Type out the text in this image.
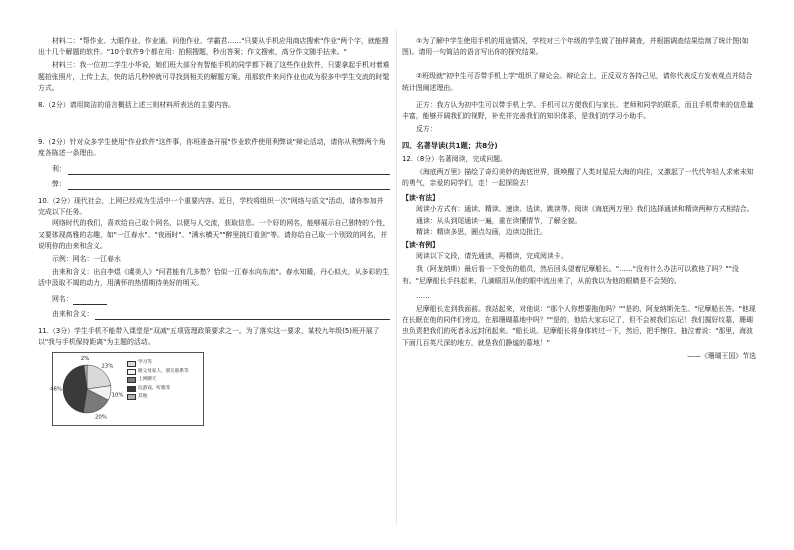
材料二："帮作业、大眼作业、作业通、问他作业、学霸君……"只要从手机应用商店搜索"作业"两个字，就能搜出十几个解题的软件。"10个软件9个都在用：拍照搜题，秒出答案；作文搜索，高分作文随手拈来。"

材料三：我一位初二学生小华说，她们班大部分有智能手机的同学都下载了这些作业软件，只要拿起手机对着难题拍张照片，上传上去，快的话几秒钟就可寻找到相关的解题方案。用那软件来问作业也成为很多中学生交流的时髦方式。

8.（2分）请用简洁的语言概括上述三则材料所表达的主要内容。

9.（2分）针对众多学生使用"作业软件"这件事，你班准备开展"作业软件使用利弊谈"辩论活动，请你从利弊两个角度各陈述一条理由。

利：
弊：

10.（2分）现代社会，上网已经成为生活中一个重要内容。近日，学校将组织一次"网络与语文"活动，请你参加并完成以下任务。

网络时代的我们，喜欢给自己取个网名，以便与人交流，获取信息。一个好的网名，能够展示自己独特的个性，又要体现高雅的志趣，如"一江春水"、"夜雨时"、"满水横天""醉里挑灯看剑"等。请你给自己取一个别致的网名，并说明你的由来和含义。

示例：网名：一江春水

由来和含义：出自李煜《虞美人》"问君能有几多愁？恰似一江春水向东流"。春水知暖，丹心似火，从多彩的生活中汲取不竭的动力，用满怀的热情期待美好的明天。

网名：

由来和含义：

11.（3分）学生手机不能带入课堂是"双减"五项管理政策要求之一。为了落实这一要求，某校九年级(5)班开展了以"我与手机保持距离"为主题的活动。

23%
10%
20%
46%
2%
学习等
跟父母家人、朋友联系等
上网聊天
玩游戏、听歌等
其他

①为了解中学生使用手机的用途情况，学校对三个年级的学生做了抽样调查，并根据调查结果绘制了统计图(如图)。请用一句简洁的语言写出你的探究结果。

②班级就"初中生可否带手机上学"组织了辩论会。辩论会上，正反双方各持己见，请你代表反方发表观点并结合统计图阐述理由。

正方：我方认为初中生可以带手机上学。手机可以方便我们与家长、老师和同学的联系，而且手机带来的信息量丰富，能够开阔我们的视野，补充并完善我们的知识体系，是我们的学习小助手。

反方：

四、名著导读(共1题；共8分)

12.（8分）名著阅读，完成问题。

《海底两万里》描绘了奇幻美妙的海底世界，既唤醒了人类对星辰大海的向往，又激起了一代代年轻人求索未知的勇气，亲爱的同学们，走！一起探险去！

【读·有法】

阅读小方式有：通读、精读、速读、选读、跳读等。阅读《海底两万里》我们选择通读和精读两种方式相结合。

通读：从头到尾通读一遍，重在读懂情节，了解全貌。

精读：精读多思，圈点勾画，边读边批注。

【读·有例】

阅读以下文段，请先通读，再精读，完成阅读卡。

我（阿龙纳斯）最后看一下受伤的船员，然后回头望着尼摩船长。"……"没有什么办法可以救他了吗？""没有。"尼摩船长手抖起来，几滴眼泪从他的眼中流出来了，从前我以为他的眼睛是不会哭的。

……

尼摩船长走到我面前。我站起来，对他说："那个人你想要拖他吗？""是的，阿龙纳斯先生。"尼摩船长答。"他现在长眠在他的同伴们旁边，在那珊瑚墓地中吗？""是的，他给大家忘记了，但不会被我们忘记！我们掘好坟墓，珊瑚虫负责把我们的死者永远封闭起来。"船长说。尼摩船长将身体转过一下，然后，把手擦住，抽泣着说："那里，海波下面几百英尺深的地方，就是我们静谧的墓地！"

——《珊瑚王国》节选
